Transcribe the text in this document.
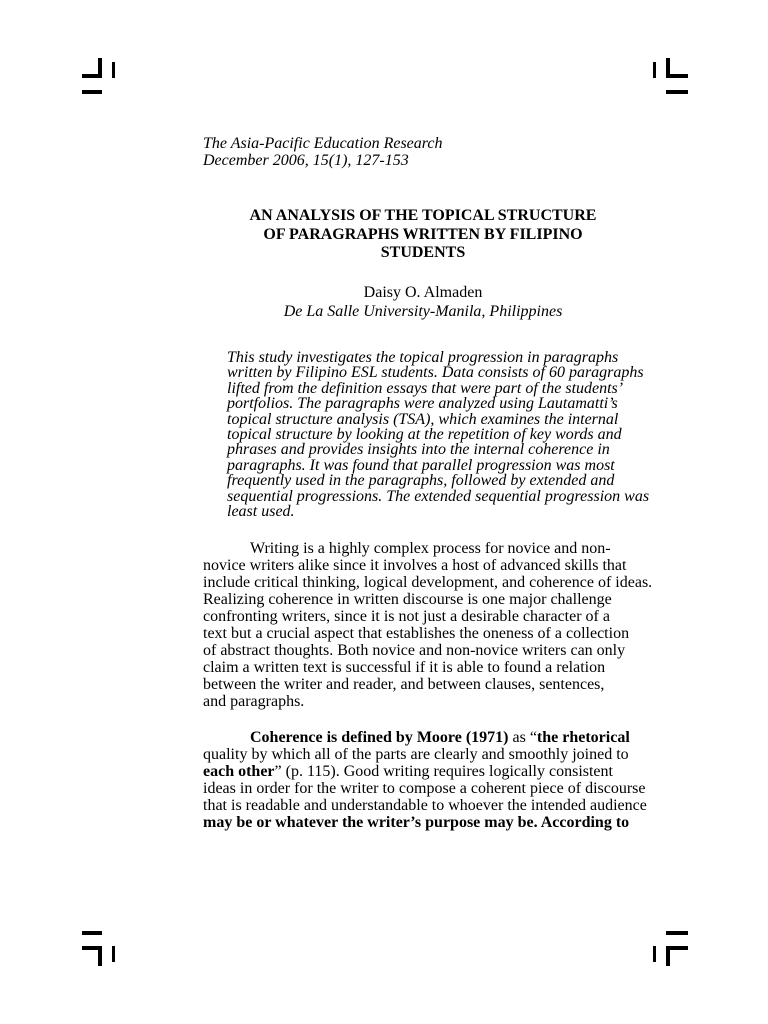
The Asia-Pacific Education Research
December 2006, 15(1), 127-153
AN ANALYSIS OF THE TOPICAL STRUCTURE
OF PARAGRAPHS WRITTEN BY FILIPINO
STUDENTS
Daisy O. Almaden
De La Salle University-Manila, Philippines
This study investigates the topical progression in paragraphs
written by Filipino ESL students. Data consists of 60 paragraphs
lifted from the definition essays that were part of the students’
portfolios. The paragraphs were analyzed using Lautamatti’s
topical structure analysis (TSA), which examines the internal
topical structure by looking at the repetition of key words and
phrases and provides insights into the internal coherence in
paragraphs. It was found that parallel progression was most
frequently used in the paragraphs, followed by extended and
sequential progressions. The extended sequential progression was
least used.
Writing is a highly complex process for novice and non-
novice writers alike since it involves a host of advanced skills that
include critical thinking, logical development, and coherence of ideas.
Realizing coherence in written discourse is one major challenge
confronting writers, since it is not just a desirable character of a
text but a crucial aspect that establishes the oneness of a collection
of abstract thoughts. Both novice and non-novice writers can only
claim a written text is successful if it is able to found a relation
between the writer and reader, and between clauses, sentences,
and paragraphs.
Coherence is defined by Moore (1971) as “the rhetorical
quality by which all of the parts are clearly and smoothly joined to
each other” (p. 115). Good writing requires logically consistent
ideas in order for the writer to compose a coherent piece of discourse
that is readable and understandable to whoever the intended audience
may be or whatever the writer’s purpose may be. According to
